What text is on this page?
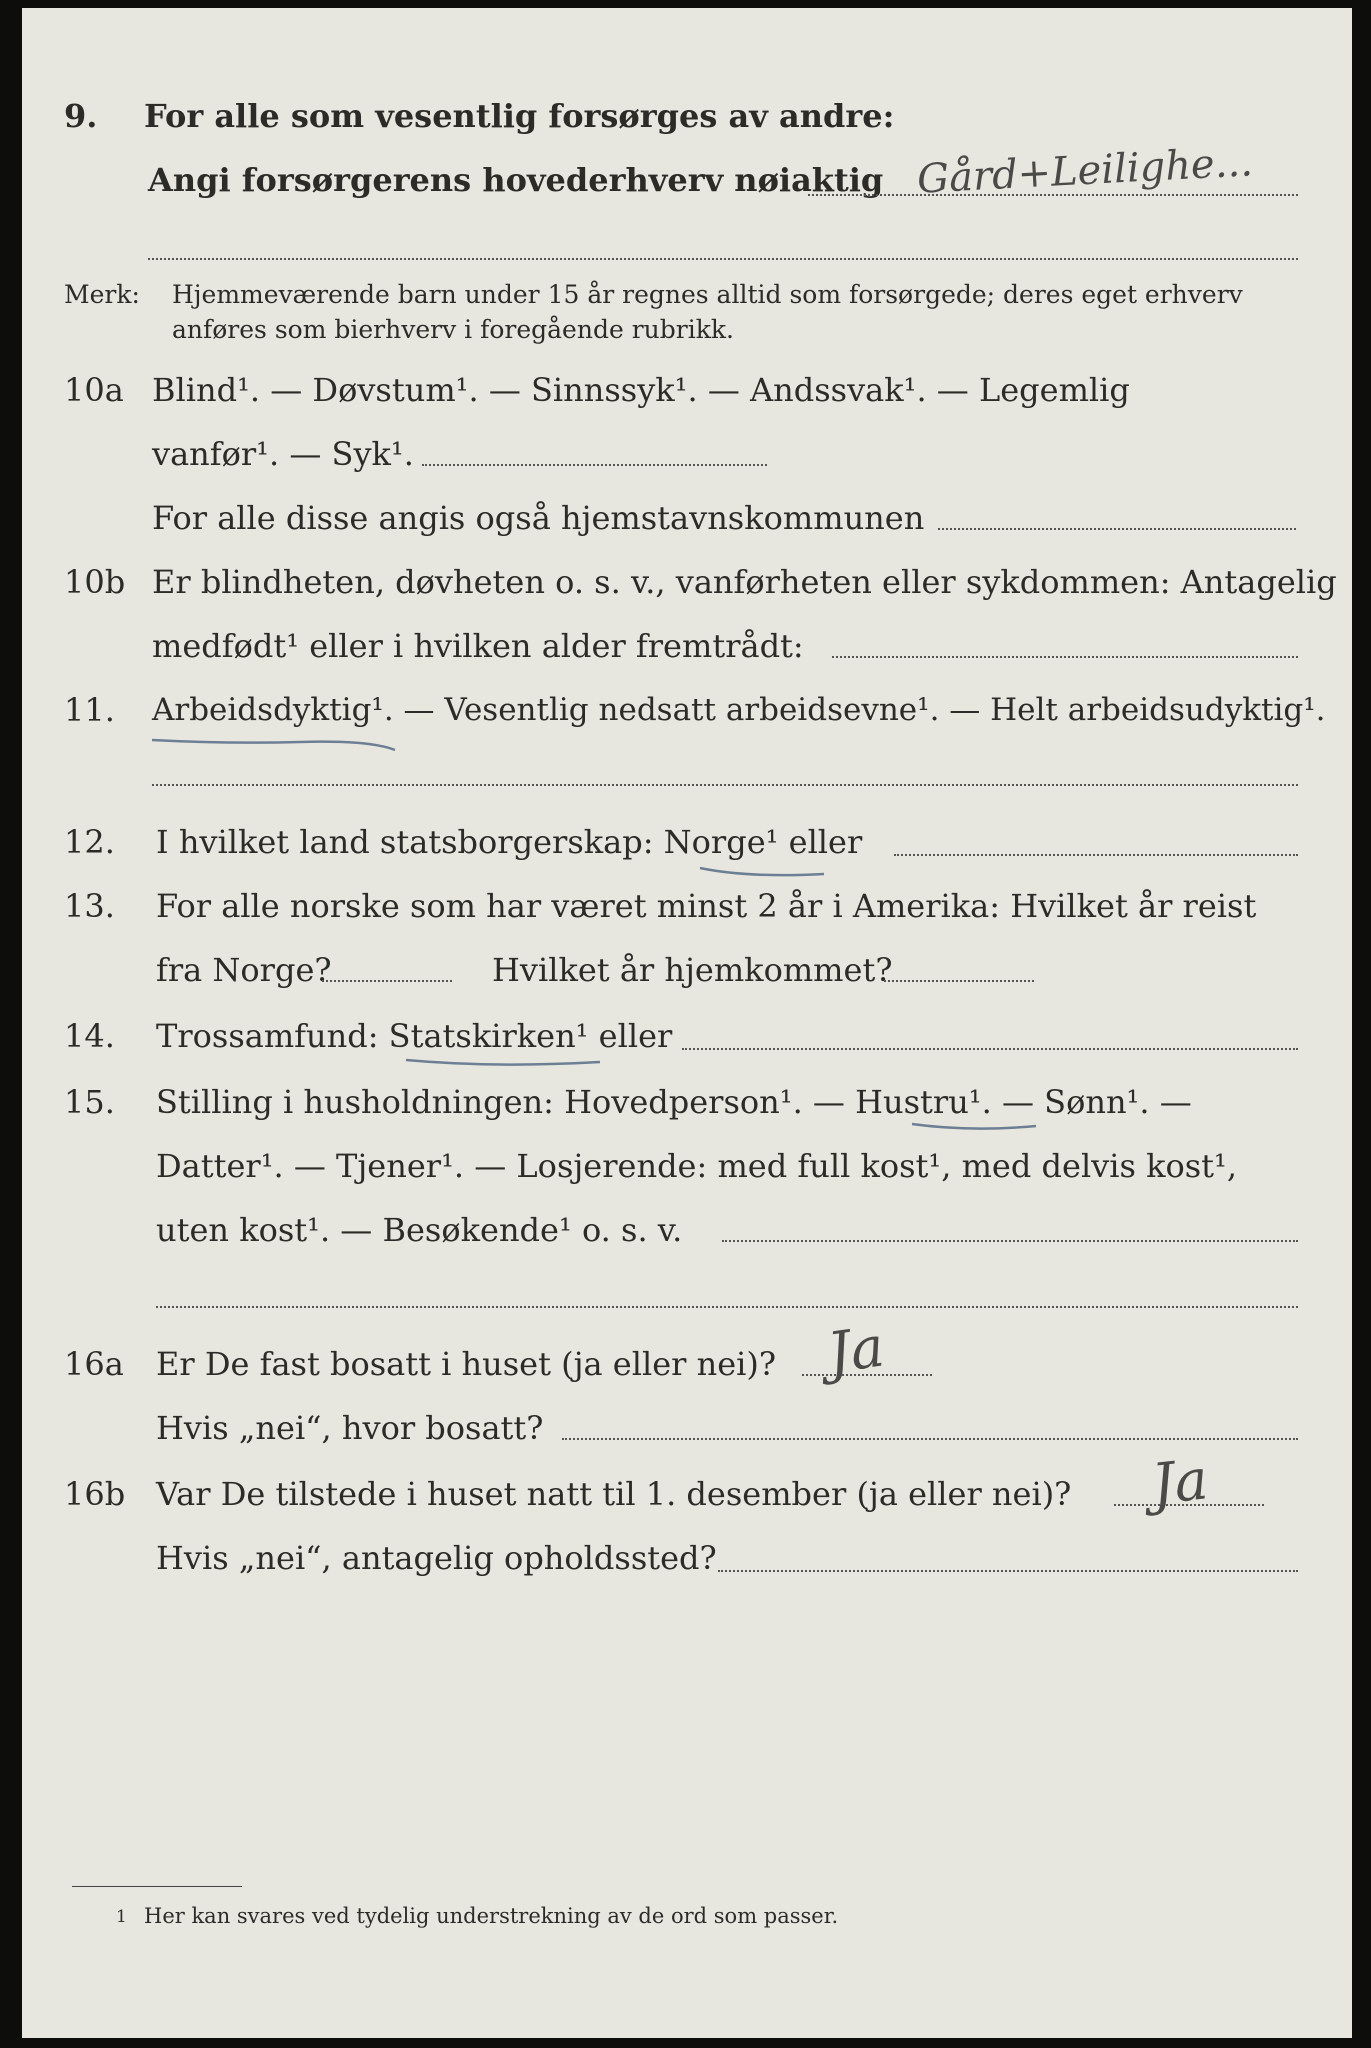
9. For alle som vesentlig forsørges av andre:
Angi forsørgerens hovederhverv nøiaktig Gård+Leilighe...
Merk: Hjemmeværende barn under 15 år regnes alltid som forsørgede; deres eget erhverv
anføres som bierhverv i foregående rubrikk.
10a Blind¹. — Døvstum¹. — Sinnssyk¹. — Andssvak¹. — Legemlig
vanfør¹. — Syk¹.
For alle disse angis også hjemstavnskommunen
10b Er blindheten, døvheten o. s. v., vanførheten eller sykdommen: Antagelig
medfødt¹ eller i hvilken alder fremtrådt:
11. Arbeidsdyktig¹. — Vesentlig nedsatt arbeidsevne¹. — Helt arbeidsudyktig¹.
12. I hvilket land statsborgerskap: Norge¹ eller
13. For alle norske som har været minst 2 år i Amerika: Hvilket år reist
fra Norge?	Hvilket år hjemkommet?
14. Trossamfund: Statskirken¹ eller
15. Stilling i husholdningen: Hovedperson¹. — Hustru¹. — Sønn¹. —
Datter¹. — Tjener¹. — Losjerende: med full kost¹, med delvis kost¹,
uten kost¹. — Besøkende¹ o. s. v.
16a Er De fast bosatt i huset (ja eller nei)? Ja
Hvis „nei“, hvor bosatt?
16b Var De tilstede i huset natt til 1. desember (ja eller nei)? Ja
Hvis „nei“, antagelig opholdssted?
1 Her kan svares ved tydelig understrekning av de ord som passer.
